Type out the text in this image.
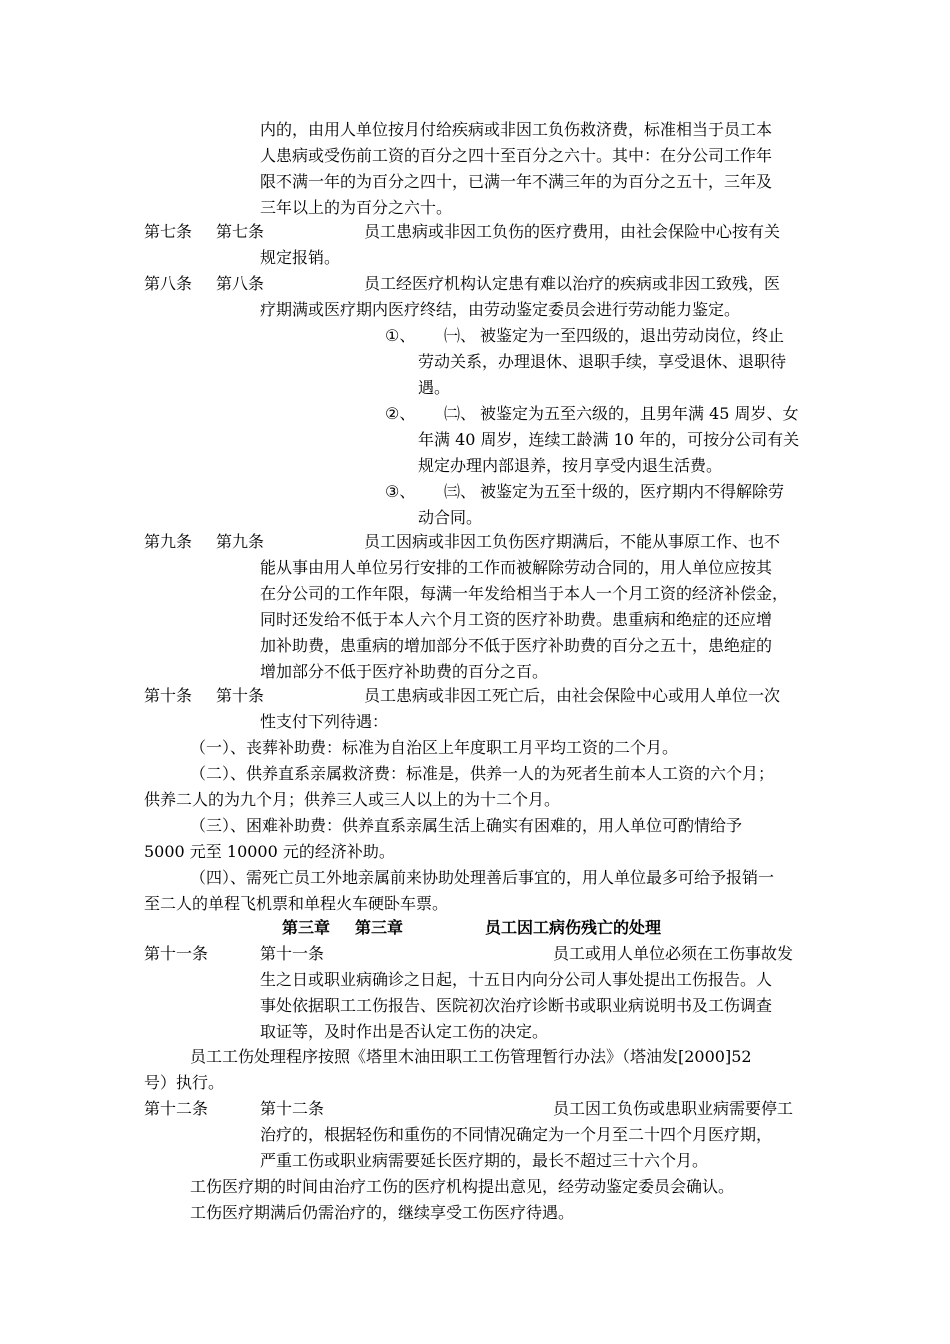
内的，由用人单位按月付给疾病或非因工负伤救济费，标准相当于员工本
人患病或受伤前工资的百分之四十至百分之六十。其中：在分公司工作年
限不满一年的为百分之四十，已满一年不满三年的为百分之五十，三年及
三年以上的为百分之六十。
第七条 第七条	员工患病或非因工负伤的医疗费用，由社会保险中心按有关
规定报销。
第八条 第八条	员工经医疗机构认定患有难以治疗的疾病或非因工致残，医
疗期满或医疗期内医疗终结，由劳动鉴定委员会进行劳动能力鉴定。
①、 ㈠、 被鉴定为一至四级的，退出劳动岗位，终止
劳动关系，办理退休、退职手续，享受退休、退职待
遇。
②、 ㈡、 被鉴定为五至六级的，且男年满 45 周岁、女
年满 40 周岁，连续工龄满 10 年的，可按分公司有关
规定办理内部退养，按月享受内退生活费。
③、 ㈢、 被鉴定为五至十级的，医疗期内不得解除劳
动合同。
第九条 第九条	员工因病或非因工负伤医疗期满后，不能从事原工作、也不
能从事由用人单位另行安排的工作而被解除劳动合同的，用人单位应按其
在分公司的工作年限，每满一年发给相当于本人一个月工资的经济补偿金，
同时还发给不低于本人六个月工资的医疗补助费。患重病和绝症的还应增
加补助费，患重病的增加部分不低于医疗补助费的百分之五十，患绝症的
增加部分不低于医疗补助费的百分之百。
第十条 第十条	员工患病或非因工死亡后，由社会保险中心或用人单位一次
性支付下列待遇：
（一）、丧葬补助费：标准为自治区上年度职工月平均工资的二个月。
（二）、供养直系亲属救济费：标准是，供养一人的为死者生前本人工资的六个月；
供养二人的为九个月；供养三人或三人以上的为十二个月。
（三）、困难补助费：供养直系亲属生活上确实有困难的，用人单位可酌情给予
5000 元至 10000 元的经济补助。
（四）、需死亡员工外地亲属前来协助处理善后事宜的，用人单位最多可给予报销一
至二人的单程飞机票和单程火车硬卧车票。
第三章 第三章	员工因工病伤残亡的处理
第十一条	第十一条	员工或用人单位必须在工伤事故发
生之日或职业病确诊之日起，十五日内向分公司人事处提出工伤报告。人
事处依据职工工伤报告、医院初次治疗诊断书或职业病说明书及工伤调查
取证等，及时作出是否认定工伤的决定。
员工工伤处理程序按照《塔里木油田职工工伤管理暂行办法》（塔油发[2000]52
号）执行。
第十二条	第十二条	员工因工负伤或患职业病需要停工
治疗的，根据轻伤和重伤的不同情况确定为一个月至二十四个月医疗期，
严重工伤或职业病需要延长医疗期的，最长不超过三十六个月。
工伤医疗期的时间由治疗工伤的医疗机构提出意见，经劳动鉴定委员会确认。
工伤医疗期满后仍需治疗的，继续享受工伤医疗待遇。
